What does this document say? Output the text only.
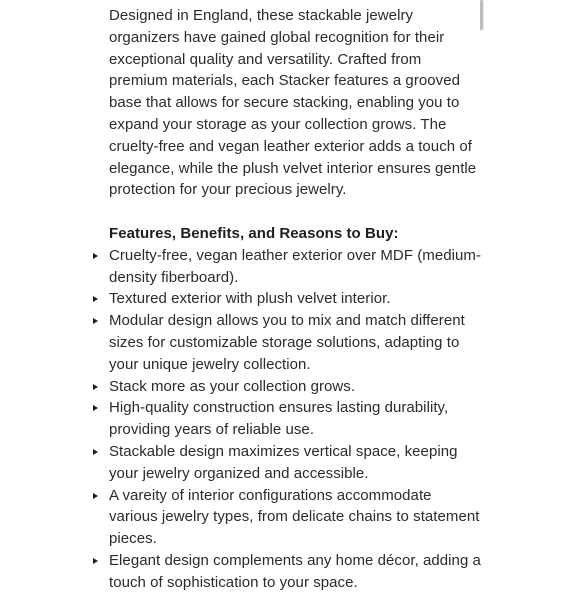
Designed in England, these stackable jewelry organizers have gained global recognition for their exceptional quality and versatility. Crafted from premium materials, each Stacker features a grooved base that allows for secure stacking, enabling you to expand your storage as your collection grows. The cruelty-free and vegan leather exterior adds a touch of elegance, while the plush velvet interior ensures gentle protection for your precious jewelry.

Features, Benefits, and Reasons to Buy:

Cruelty-free, vegan leather exterior over MDF (medium-density fiberboard).
Textured exterior with plush velvet interior.
Modular design allows you to mix and match different sizes for customizable storage solutions, adapting to your unique jewelry collection.
Stack more as your collection grows.
High-quality construction ensures lasting durability, providing years of reliable use.
Stackable design maximizes vertical space, keeping your jewelry organized and accessible.
A vareity of interior configurations accommodate various jewelry types, from delicate chains to statement pieces.
Elegant design complements any home décor, adding a touch of sophistication to your space.
